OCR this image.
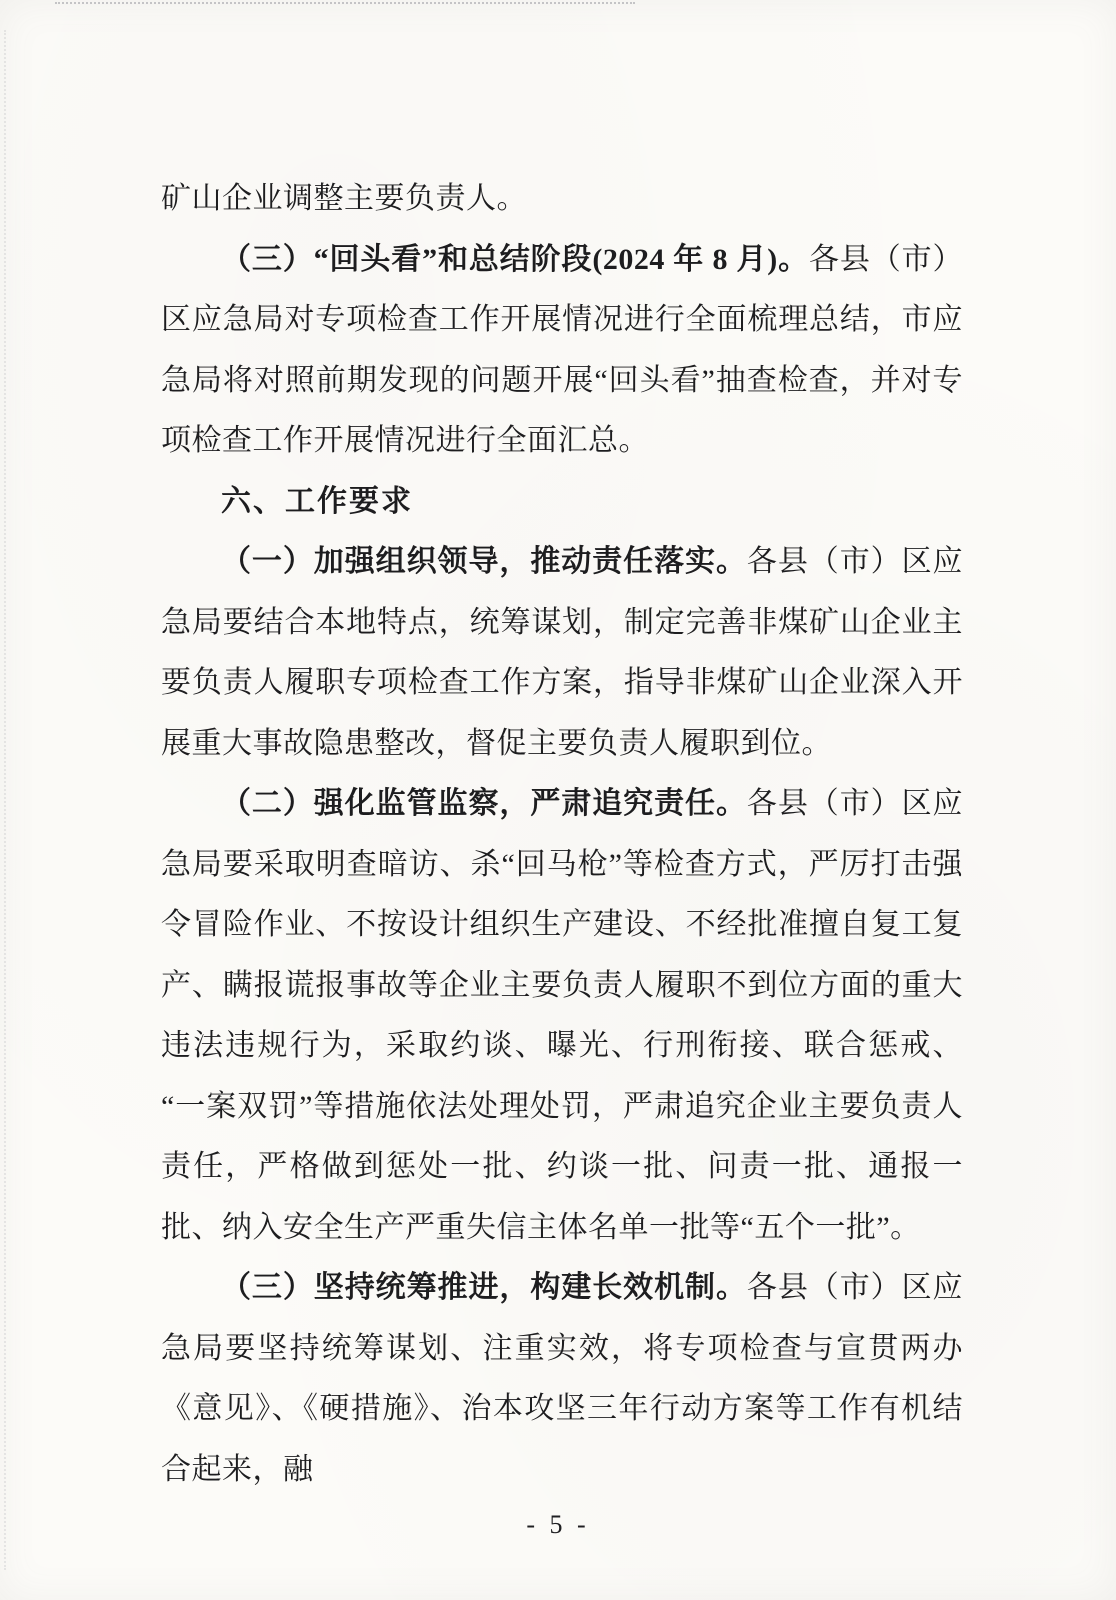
矿山企业调整主要负责人。

（三）“回头看”和总结阶段(2024 年 8 月)。各县（市）区应急局对专项检查工作开展情况进行全面梳理总结，市应急局将对照前期发现的问题开展“回头看”抽查检查，并对专项检查工作开展情况进行全面汇总。

六、工作要求

（一）加强组织领导，推动责任落实。各县（市）区应急局要结合本地特点，统筹谋划，制定完善非煤矿山企业主要负责人履职专项检查工作方案，指导非煤矿山企业深入开展重大事故隐患整改，督促主要负责人履职到位。

（二）强化监管监察，严肃追究责任。各县（市）区应急局要采取明查暗访、杀“回马枪”等检查方式，严厉打击强令冒险作业、不按设计组织生产建设、不经批准擅自复工复产、瞒报谎报事故等企业主要负责人履职不到位方面的重大违法违规行为，采取约谈、曝光、行刑衔接、联合惩戒、“一案双罚”等措施依法处理处罚，严肃追究企业主要负责人责任，严格做到惩处一批、约谈一批、问责一批、通报一批、纳入安全生产严重失信主体名单一批等“五个一批”。

（三）坚持统筹推进，构建长效机制。各县（市）区应急局要坚持统筹谋划、注重实效，将专项检查与宣贯两办《意见》、《硬措施》、治本攻坚三年行动方案等工作有机结合起来，融

- 5 -
